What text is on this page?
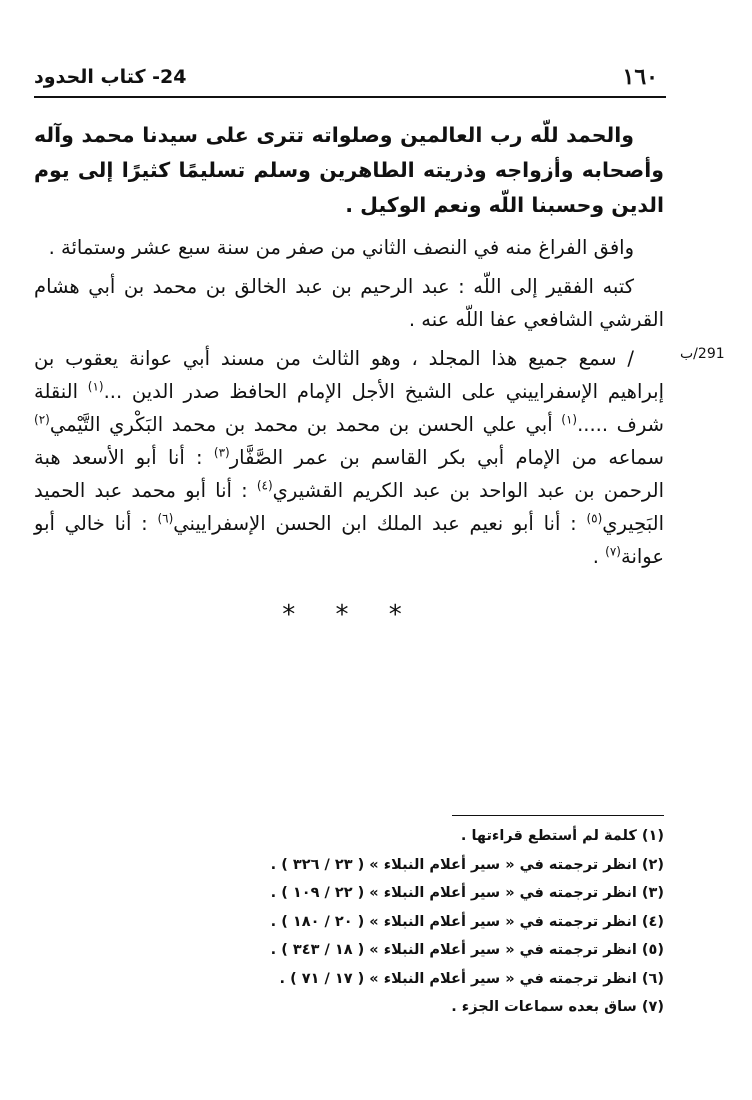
١٦٠
24- كتاب الحدود

والحمد للّه رب العالمين وصلواته تترى على سيدنا محمد وآله وأصحابه وأزواجه وذريته الطاهرين وسلم تسليمًا كثيرًا إلى يوم الدين وحسبنا اللّه ونعم الوكيل .

وافق الفراغ منه في النصف الثاني من صفر من سنة سبع عشر وستمائة .

كتبه الفقير إلى اللّه : عبد الرحيم بن عبد الخالق بن محمد بن أبي هشام القرشي الشافعي عفا اللّه عنه .

/ سمع جميع هذا المجلد ، وهو الثالث من مسند أبي عوانة يعقوب بن إبراهيم الإسفراييني على الشيخ الأجل الإمام الحافظ صدر الدين ...$^{(١)}$ النقلة شرف .....$^{(١)}$ أبي علي الحسن بن محمد بن محمد بن محمد البَكْري التَّيْمي$^{(٢)}$ سماعه من الإمام أبي بكر القاسم بن عمر الصَّفَّار$^{(٣)}$ : أنا أبو الأسعد هبة الرحمن بن عبد الواحد بن عبد الكريم القشيري$^{(٤)}$ : أنا أبو محمد عبد الحميد البَحِيري$^{(٥)}$ : أنا أبو نعيم عبد الملك ابن الحسن الإسفراييني$^{(٦)}$ : أنا خالي أبو عوانة$^{(٧)}$ .

291/ب
* * *
(١) كلمة لم أستطع قراءتها .
(٢) انظر ترجمته في « سير أعلام النبلاء » ( ٢٣ / ٣٢٦ ) .
(٣) انظر ترجمته في « سير أعلام النبلاء » ( ٢٢ / ١٠٩ ) .
(٤) انظر ترجمته في « سير أعلام النبلاء » ( ٢٠ / ١٨٠ ) .
(٥) انظر ترجمته في « سير أعلام النبلاء » ( ١٨ / ٣٤٣ ) .
(٦) انظر ترجمته في « سير أعلام النبلاء » ( ١٧ / ٧١ ) .
(٧) ساق بعده سماعات الجزء .
